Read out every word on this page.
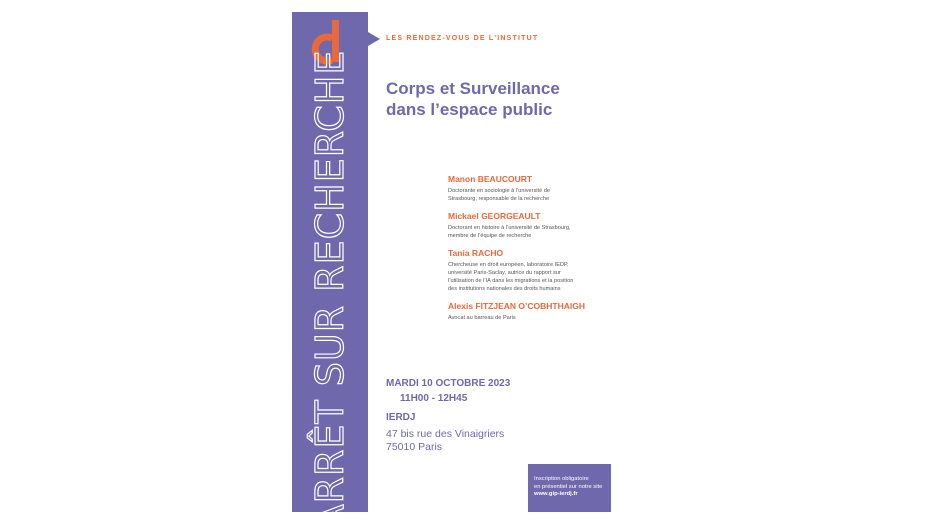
ARRÊT SUR RECHERCHE
LES RENDEZ-VOUS DE L'INSTITUT
Corps et Surveillance
dans l’espace public
Manon BEAUCOURT
Doctorante en sociologie à l’université de
Strasbourg, responsable de la recherche
Mickael GEORGEAULT
Doctorant en histoire à l’université de Strasbourg,
membre de l’équipe de recherche
Tania RACHO
Chercheuse en droit européen, laboratoire IEDP,
université Paris-Saclay, autrice du rapport sur
l’utilisation de l’IA dans les migrations et la position
des institutions nationales des droits humains
Alexis FITZJEAN O’COBHTHAIGH
Avocat au barreau de Paris
MARDI 10 OCTOBRE 2023
11H00 - 12H45
IERDJ
47 bis rue des Vinaigriers
75010 Paris
Inscription obligatoire
en présentiel sur notre site
www.gip-ierdj.fr
